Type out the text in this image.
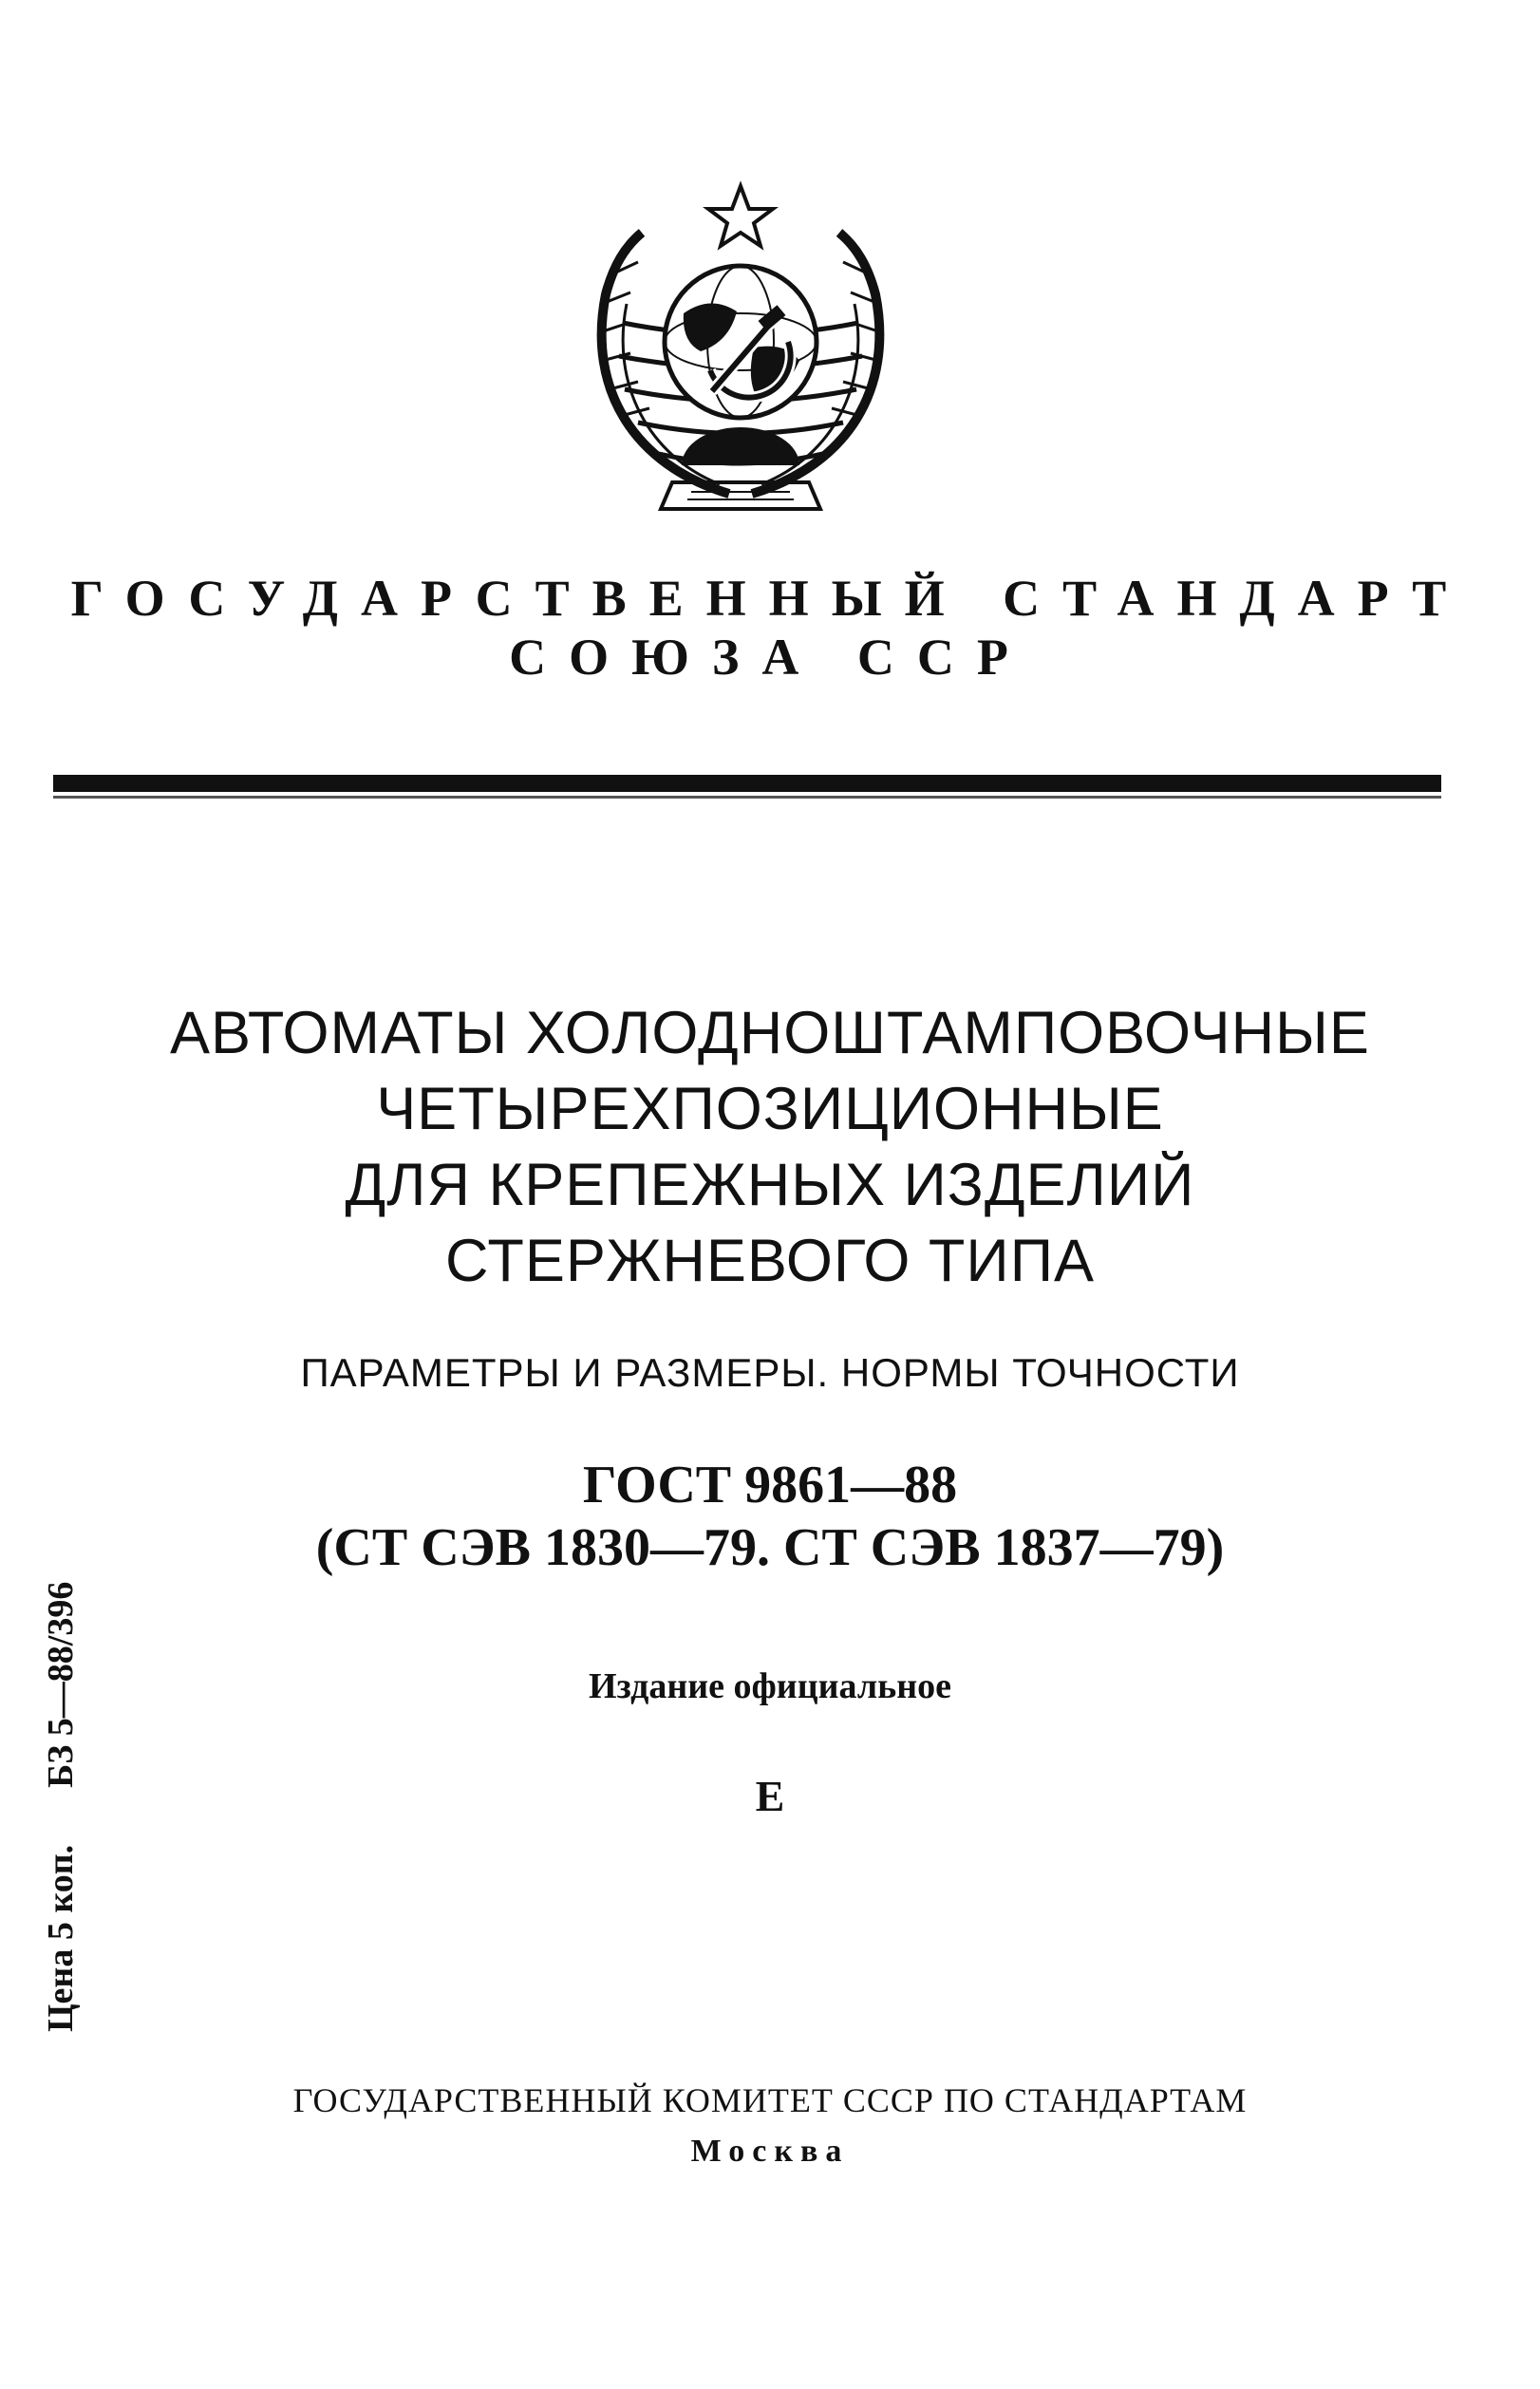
ГОСУДАРСТВЕННЫЙ СТАНДАРТ
СОЮЗА ССР
АВТОМАТЫ ХОЛОДНОШТАМПОВОЧНЫЕ
ЧЕТЫРЕХПОЗИЦИОННЫЕ
ДЛЯ КРЕПЕЖНЫХ ИЗДЕЛИЙ
СТЕРЖНЕВОГО ТИПА
ПАРАМЕТРЫ И РАЗМЕРЫ. НОРМЫ ТОЧНОСТИ
ГОСТ 9861—88
(СТ СЭВ 1830—79. СТ СЭВ 1837—79)
Издание официальное
Е
Цена 5 коп.
БЗ 5—88/396
ГОСУДАРСТВЕННЫЙ КОМИТЕТ СССР ПО СТАНДАРТАМ
Москва
